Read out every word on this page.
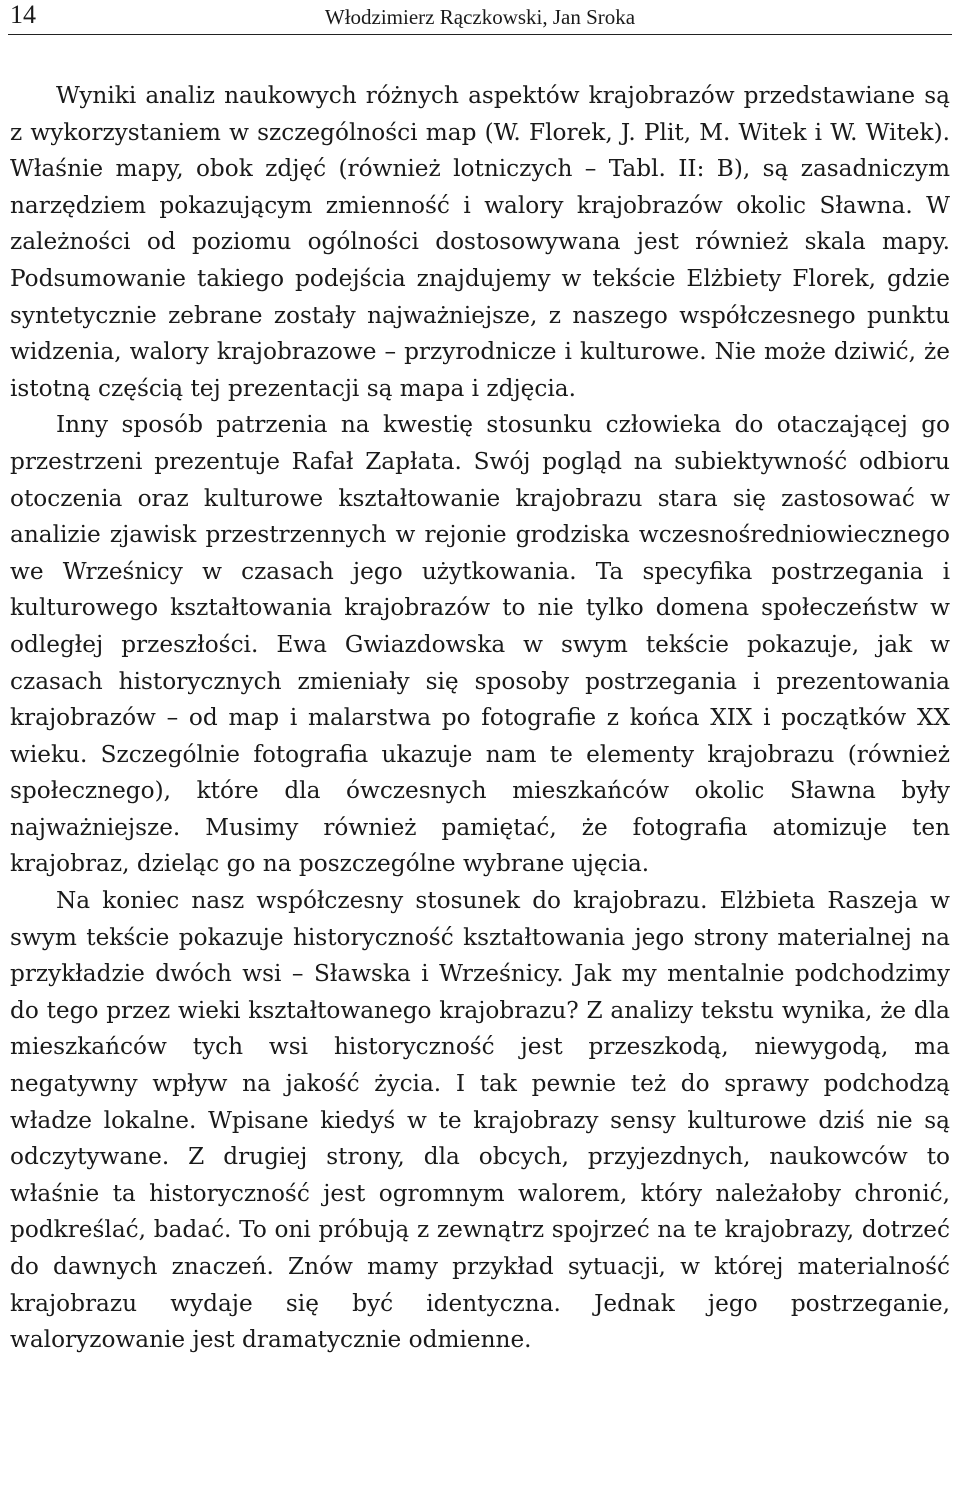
14	Włodzimierz Rączkowski, Jan Sroka

Wyniki analiz naukowych różnych aspektów krajobrazów przedstawiane są z wykorzystaniem w szczególności map (W. Florek, J. Plit, M. Witek i W. Witek). Właśnie mapy, obok zdjęć (również lotniczych – Tabl. II: B), są zasadniczym narzędziem pokazującym zmienność i walory krajobrazów okolic Sławna. W zależności od poziomu ogólności dostosowywana jest również skala mapy. Podsumowanie takiego podejścia znajdujemy w tekście Elżbiety Florek, gdzie syntetycznie zebrane zostały najważniejsze, z naszego współczesnego punktu widzenia, walory krajobrazowe – przyrodnicze i kulturowe. Nie może dziwić, że istotną częścią tej prezentacji są mapa i zdjęcia.

Inny sposób patrzenia na kwestię stosunku człowieka do otaczającej go przestrzeni prezentuje Rafał Zapłata. Swój pogląd na subiektywność odbioru otoczenia oraz kulturowe kształtowanie krajobrazu stara się zastosować w analizie zjawisk przestrzennych w rejonie grodziska wczesnośredniowiecznego we Wrześnicy w czasach jego użytkowania. Ta specyfika postrzegania i kulturowego kształtowania krajobrazów to nie tylko domena społeczeństw w odległej przeszłości. Ewa Gwiazdowska w swym tekście pokazuje, jak w czasach historycznych zmieniały się sposoby postrzegania i prezentowania krajobrazów – od map i malarstwa po fotografie z końca XIX i początków XX wieku. Szczególnie fotografia ukazuje nam te elementy krajobrazu (również społecznego), które dla ówczesnych mieszkańców okolic Sławna były najważniejsze. Musimy również pamiętać, że fotografia atomizuje ten krajobraz, dzieląc go na poszczególne wybrane ujęcia.

Na koniec nasz współczesny stosunek do krajobrazu. Elżbieta Raszeja w swym tekście pokazuje historyczność kształtowania jego strony materialnej na przykładzie dwóch wsi – Sławska i Wrześnicy. Jak my mentalnie podchodzimy do tego przez wieki kształtowanego krajobrazu? Z analizy tekstu wynika, że dla mieszkańców tych wsi historyczność jest przeszkodą, niewygodą, ma negatywny wpływ na jakość życia. I tak pewnie też do sprawy podchodzą władze lokalne. Wpisane kiedyś w te krajobrazy sensy kulturowe dziś nie są odczytywane. Z drugiej strony, dla obcych, przyjezdnych, naukowców to właśnie ta historyczność jest ogromnym walorem, który należałoby chronić, podkreślać, badać. To oni próbują z zewnątrz spojrzeć na te krajobrazy, dotrzeć do dawnych znaczeń. Znów mamy przykład sytuacji, w której materialność krajobrazu wydaje się być identyczna. Jednak jego postrzeganie, waloryzowanie jest dramatycznie odmienne.
